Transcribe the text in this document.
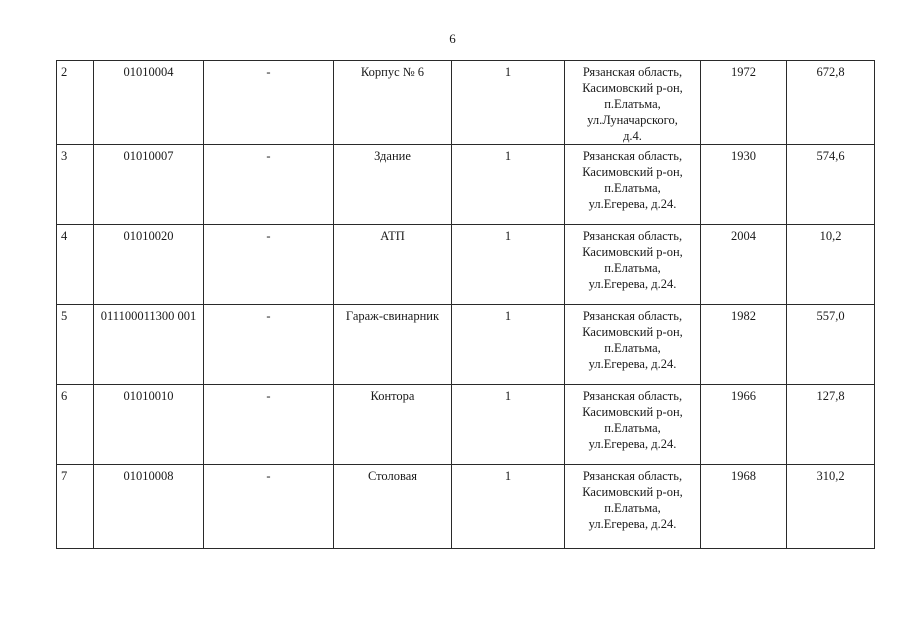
6
2	01010004	-	Корпус № 6	1	Рязанская область,
Касимовский р-он,
п.Елатьма,
ул.Луначарского,
д.4.	1972	672,8
3	01010007	-	Здание	1	Рязанская область,
Касимовский р-он,
п.Елатьма,
ул.Егерева, д.24.	1930	574,6
4	01010020	-	АТП	1	Рязанская область,
Касимовский р-он,
п.Елатьма,
ул.Егерева, д.24.	2004	10,2
5	011100011300 001	-	Гараж-свинарник	1	Рязанская область,
Касимовский р-он,
п.Елатьма,
ул.Егерева, д.24.	1982	557,0
6	01010010	-	Контора	1	Рязанская область,
Касимовский р-он,
п.Елатьма,
ул.Егерева, д.24.	1966	127,8
7	01010008	-	Столовая	1	Рязанская область,
Касимовский р-он,
п.Елатьма,
ул.Егерева, д.24.	1968	310,2
